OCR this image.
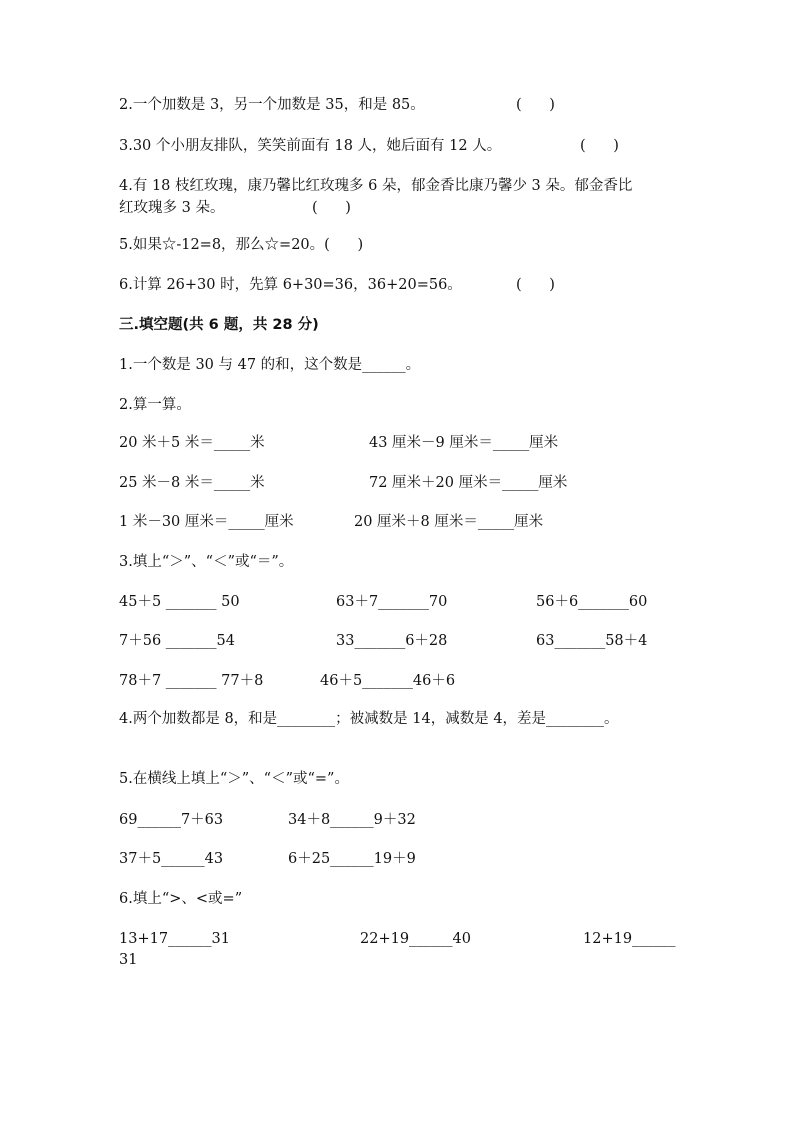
2.一个加数是 3，另一个加数是 35，和是 85。	(      )
3.30 个小朋友排队，笑笑前面有 18 人，她后面有 12 人。	(      )
4.有 18 枝红玫瑰，康乃馨比红玫瑰多 6 朵，郁金香比康乃馨少 3 朵。郁金香比
红玫瑰多 3 朵。	(      )
5.如果☆-12=8，那么☆=20。(      )
6.计算 26+30 时，先算 6+30=36，36+20=56。	(      )
三.填空题(共 6 题，共 28 分)
1.一个数是 30 与 47 的和，这个数是______。
2.算一算。
20 米＋5 米＝_____米	43 厘米－9 厘米＝_____厘米
25 米－8 米＝_____米	72 厘米＋20 厘米＝_____厘米
1 米－30 厘米＝_____厘米	20 厘米＋8 厘米＝_____厘米
3.填上“＞”、“＜”或“＝”。
45＋5 _______ 50	63＋7_______70	56＋6_______60
7＋56 _______54	33_______6＋28	63_______58＋4
78＋7 _______ 77＋8	46＋5_______46＋6
4.两个加数都是 8，和是________；被减数是 14，减数是 4，差是________。
5.在横线上填上“＞”、“＜”或“=”。
69______7＋63	34＋8______9＋32
37＋5______43	6＋25______19＋9
6.填上“>、<或=”
13+17______31	22+19______40	12+19______
31
